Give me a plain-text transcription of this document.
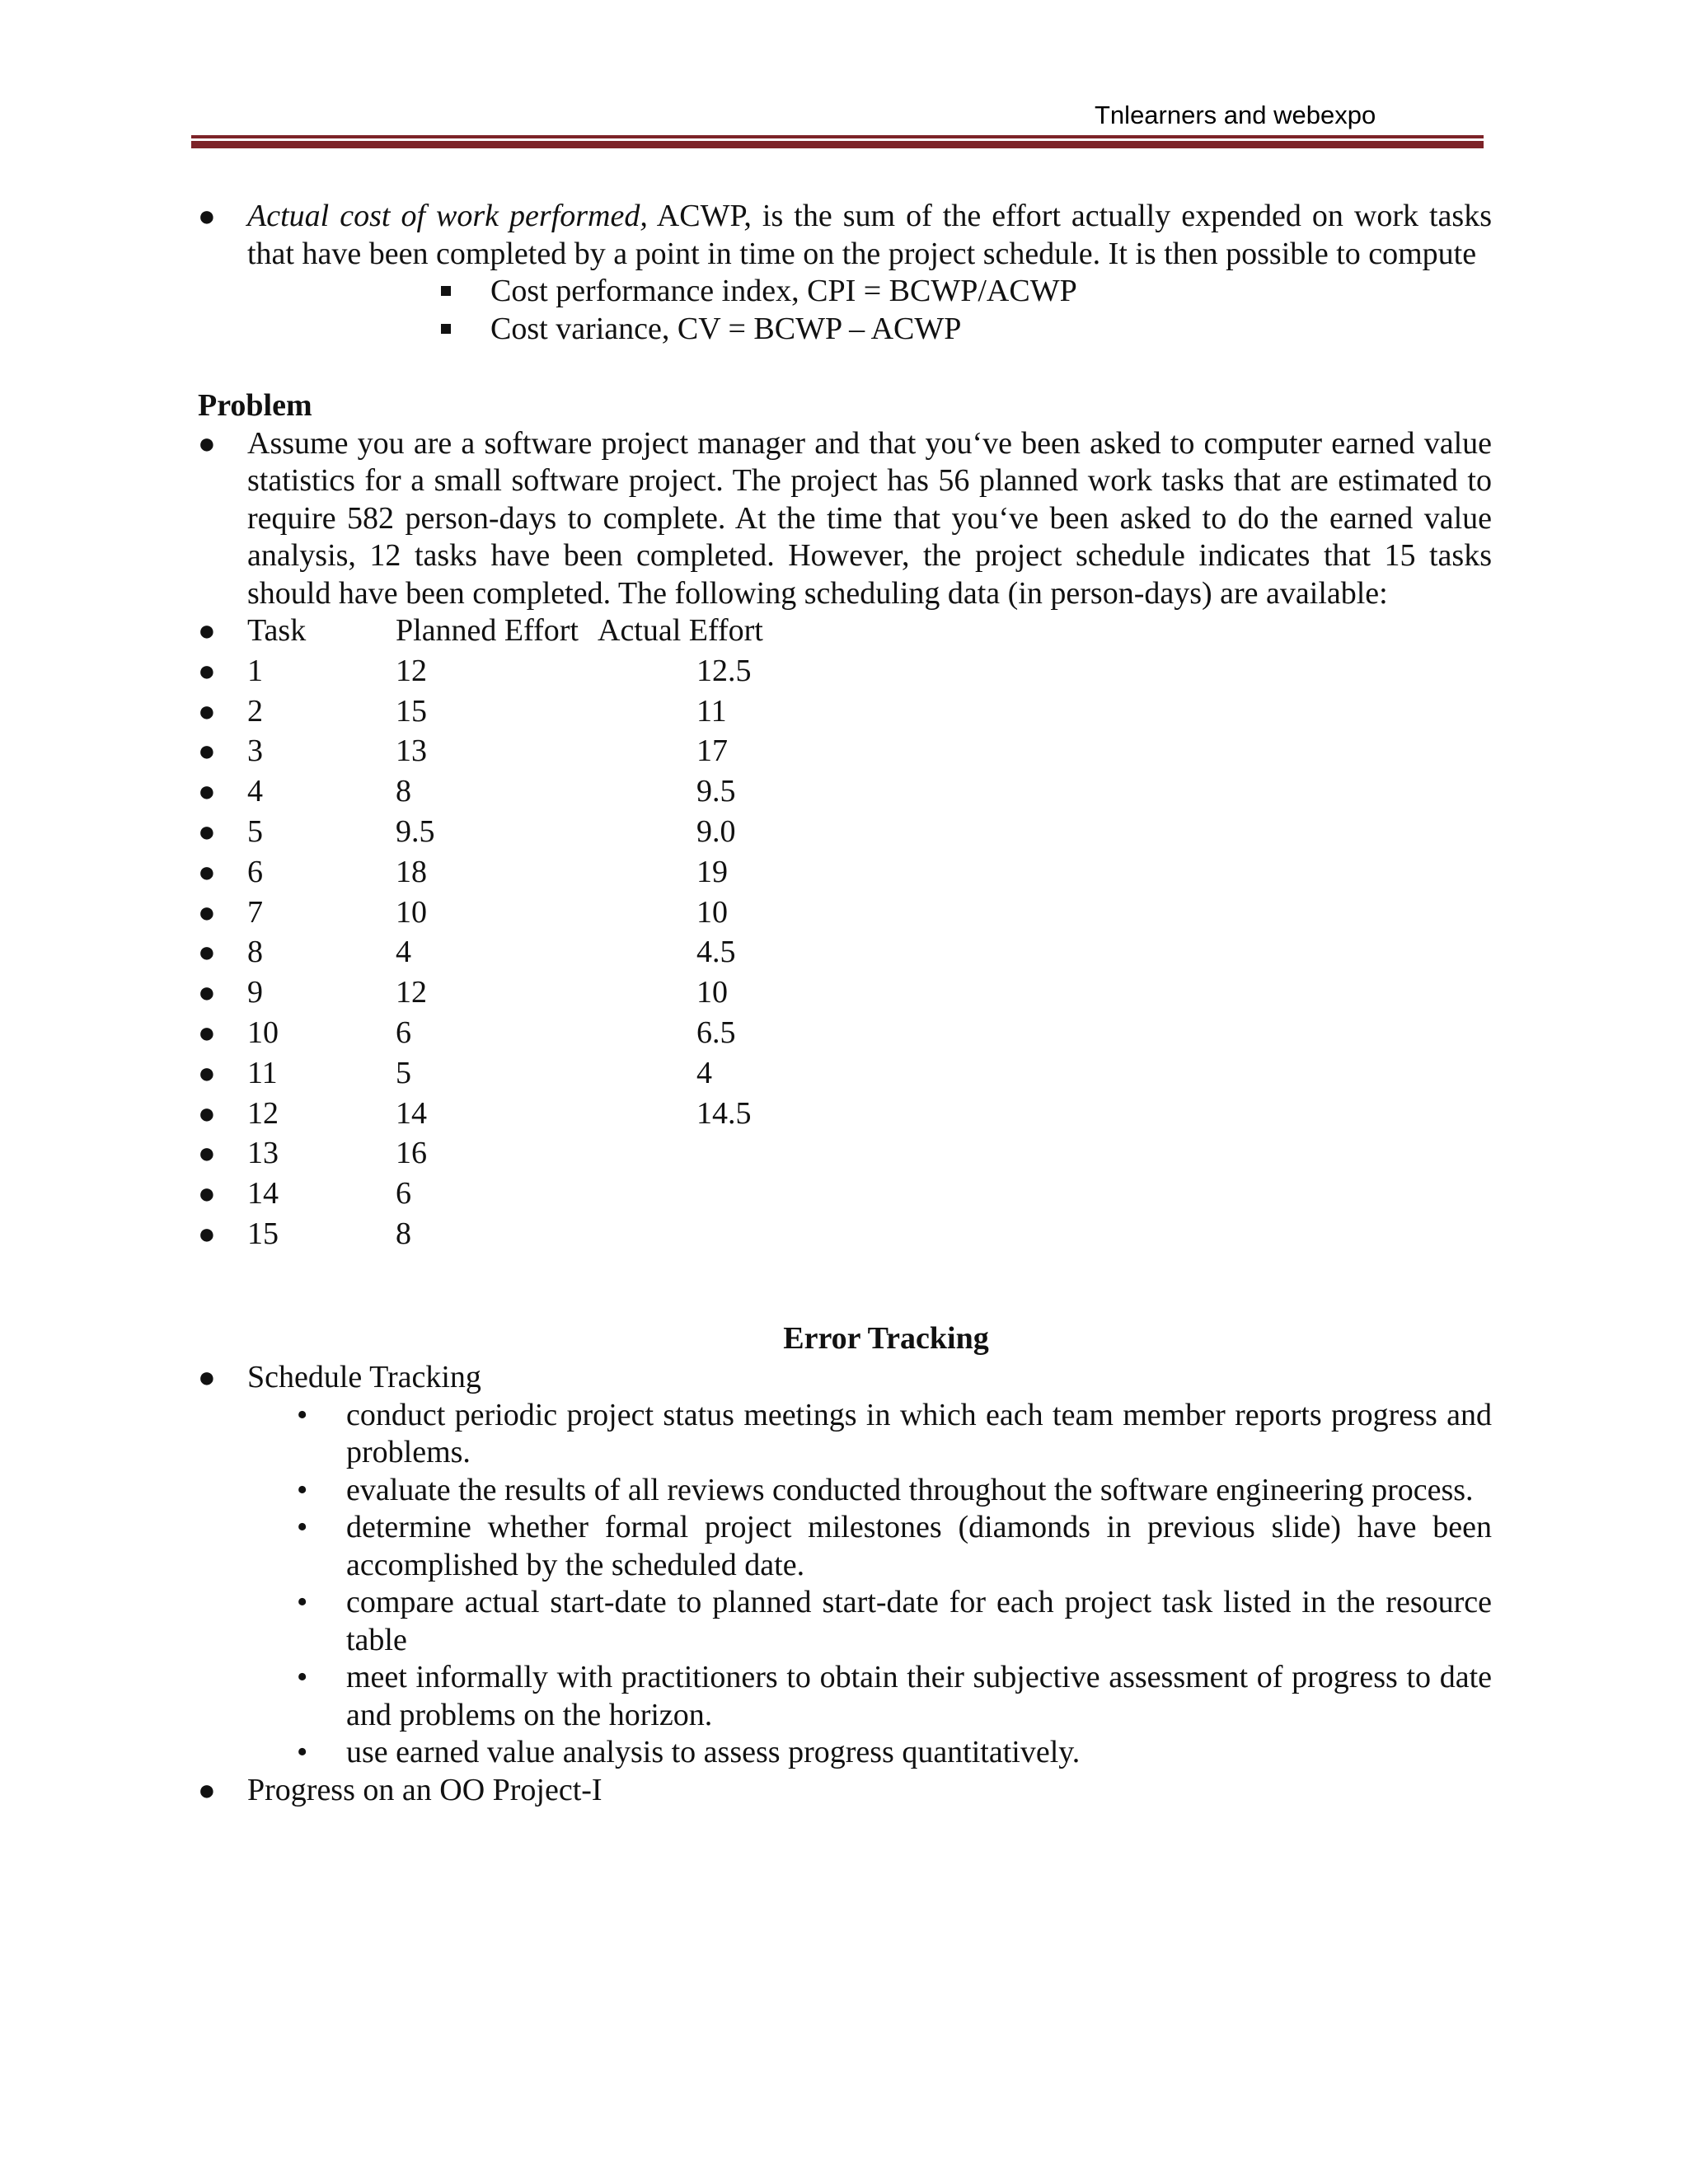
Tnlearners and webexpo
● Actual cost of work performed, ACWP, is the sum of the effort actually expended on work tasks that have been completed by a point in time on the project schedule. It is then possible to compute
Cost performance index, CPI = BCWP/ACWP
Cost variance, CV = BCWP – ACWP
Problem
● Assume you are a software project manager and that you‘ve been asked to computer earned value statistics for a small software project. The project has 56 planned work tasks that are estimated to require 582 person-days to complete. At the time that you‘ve been asked to do the earned value analysis, 12 tasks have been completed. However, the project schedule indicates that 15 tasks should have been completed. The following scheduling data (in person-days) are available:
● Task	Planned Effort Actual Effort
● 1	12	12.5
● 2	15	11
● 3	13	17
● 4	8	9.5
● 5	9.5	9.0
● 6	18	19
● 7	10	10
● 8	4	4.5
● 9	12	10
● 10	6	6.5
● 11	5	4
● 12	14	14.5
● 13	16
● 14	6
● 15	8
Error Tracking
● Schedule Tracking
• conduct periodic project status meetings in which each team member reports progress and problems.
• evaluate the results of all reviews conducted throughout the software engineering process.
• determine whether formal project milestones (diamonds in previous slide) have been accomplished by the scheduled date.
• compare actual start-date to planned start-date for each project task listed in the resource table
• meet informally with practitioners to obtain their subjective assessment of progress to date and problems on the horizon.
• use earned value analysis to assess progress quantitatively.
● Progress on an OO Project-I
